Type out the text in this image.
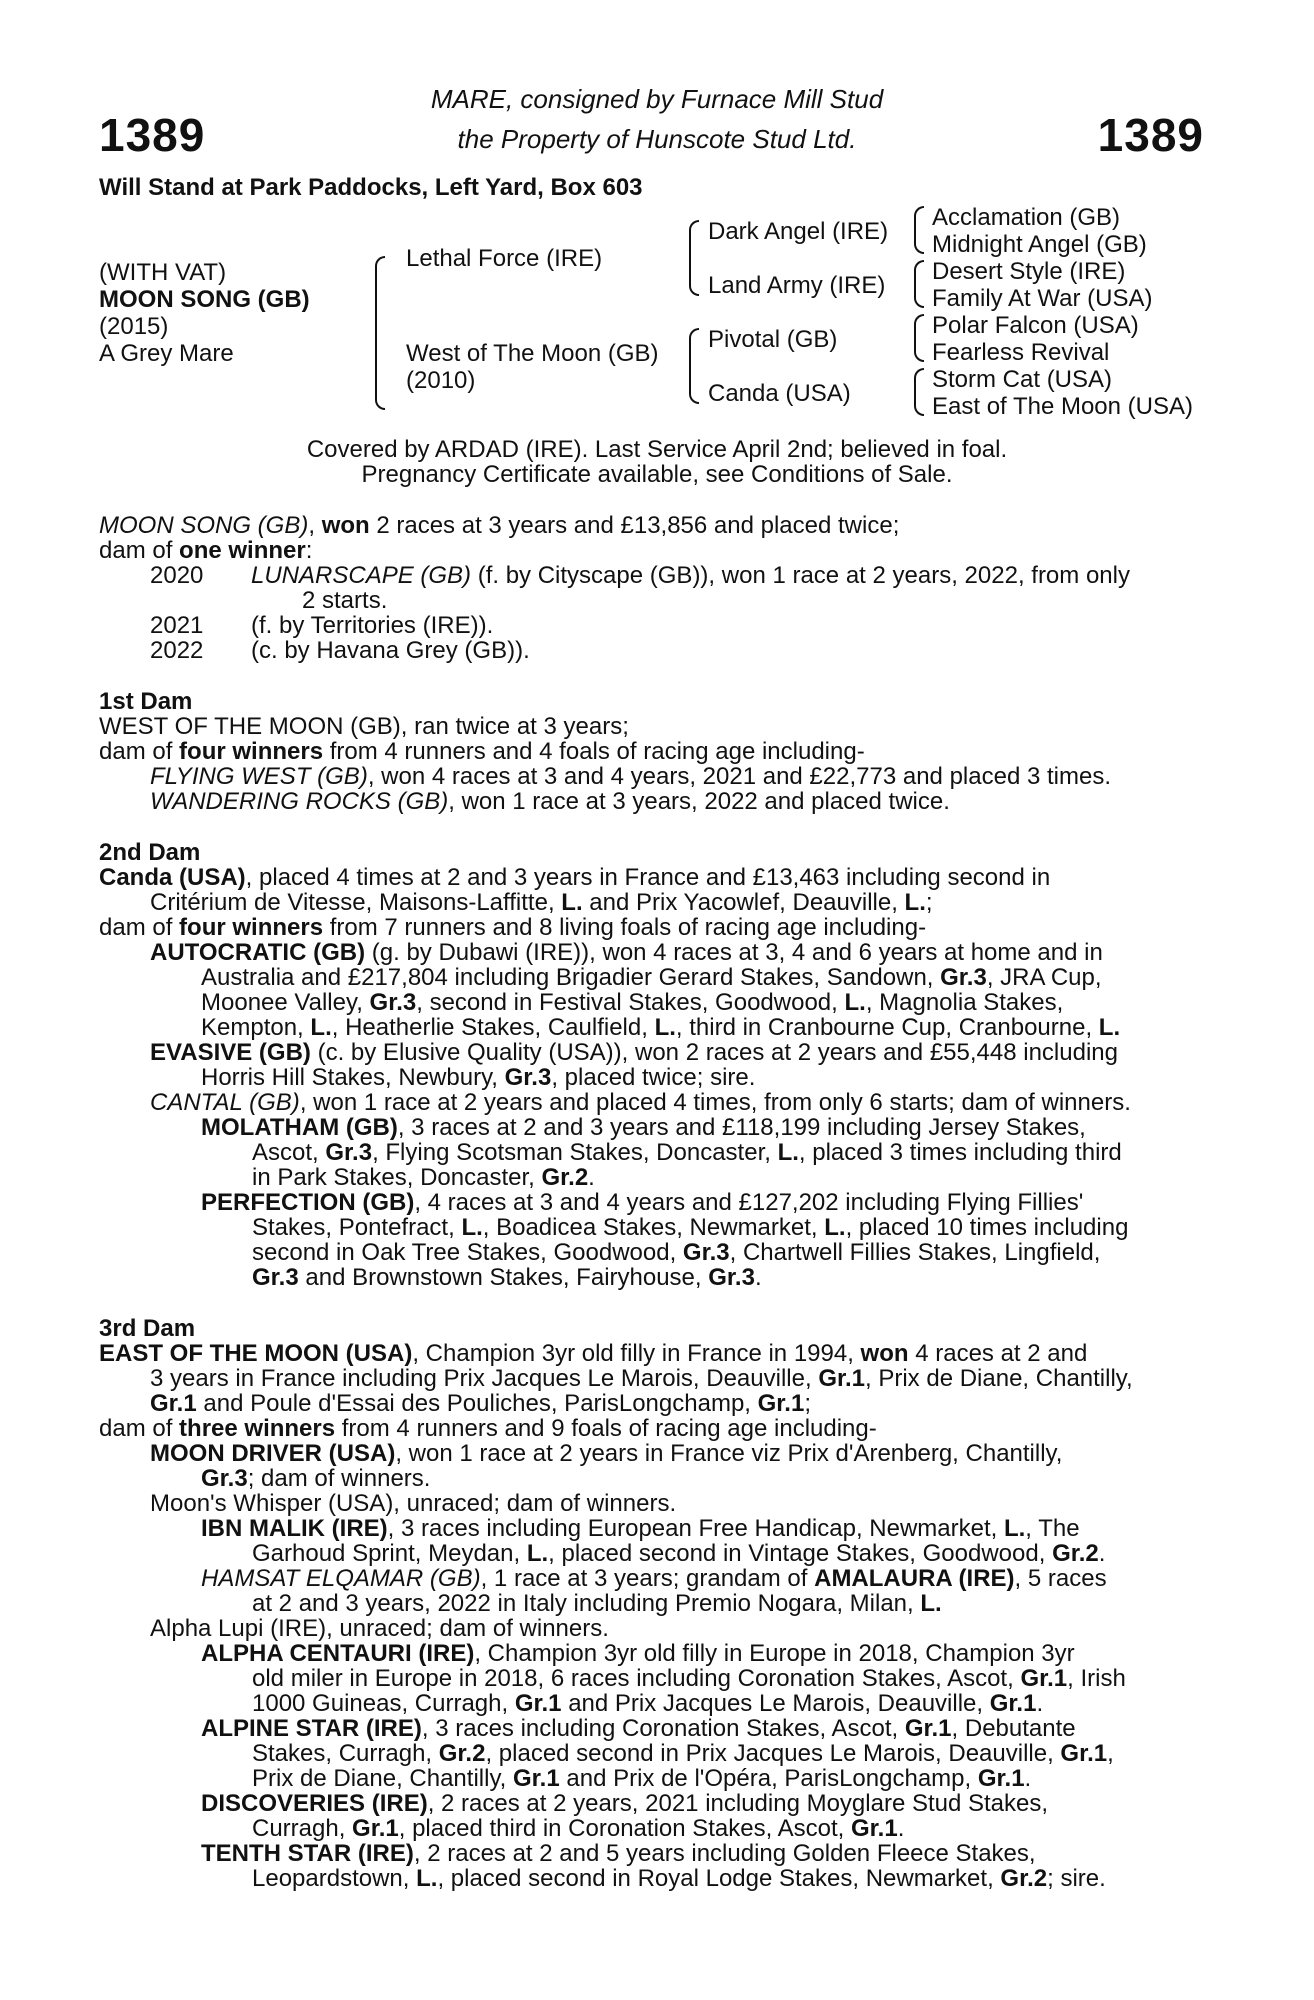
1389	1389
MARE, consigned by Furnace Mill Stud
the Property of Hunscote Stud Ltd.
Will Stand at Park Paddocks, Left Yard, Box 603
(WITH VAT)
MOON SONG (GB)
(2015)
A Grey Mare
Lethal Force (IRE)
West of The Moon (GB)
(2010)
Dark Angel (IRE)
Land Army (IRE)
Pivotal (GB)
Canda (USA)
Acclamation (GB)
Midnight Angel (GB)
Desert Style (IRE)
Family At War (USA)
Polar Falcon (USA)
Fearless Revival
Storm Cat (USA)
East of The Moon (USA)
Covered by ARDAD (IRE). Last Service April 2nd; believed in foal.
Pregnancy Certificate available, see Conditions of Sale.
MOON SONG (GB), won 2 races at 3 years and £13,856 and placed twice;
dam of one winner:
2020 LUNARSCAPE (GB) (f. by Cityscape (GB)), won 1 race at 2 years, 2022, from only
2 starts.
2021 (f. by Territories (IRE)).
2022 (c. by Havana Grey (GB)).
1st Dam
WEST OF THE MOON (GB), ran twice at 3 years;
dam of four winners from 4 runners and 4 foals of racing age including-
FLYING WEST (GB), won 4 races at 3 and 4 years, 2021 and £22,773 and placed 3 times.
WANDERING ROCKS (GB), won 1 race at 3 years, 2022 and placed twice.
2nd Dam
Canda (USA), placed 4 times at 2 and 3 years in France and £13,463 including second in
Critérium de Vitesse, Maisons-Laffitte, L. and Prix Yacowlef, Deauville, L.;
dam of four winners from 7 runners and 8 living foals of racing age including-
AUTOCRATIC (GB) (g. by Dubawi (IRE)), won 4 races at 3, 4 and 6 years at home and in
Australia and £217,804 including Brigadier Gerard Stakes, Sandown, Gr.3, JRA Cup,
Moonee Valley, Gr.3, second in Festival Stakes, Goodwood, L., Magnolia Stakes,
Kempton, L., Heatherlie Stakes, Caulfield, L., third in Cranbourne Cup, Cranbourne, L.
EVASIVE (GB) (c. by Elusive Quality (USA)), won 2 races at 2 years and £55,448 including
Horris Hill Stakes, Newbury, Gr.3, placed twice; sire.
CANTAL (GB), won 1 race at 2 years and placed 4 times, from only 6 starts; dam of winners.
MOLATHAM (GB), 3 races at 2 and 3 years and £118,199 including Jersey Stakes,
Ascot, Gr.3, Flying Scotsman Stakes, Doncaster, L., placed 3 times including third
in Park Stakes, Doncaster, Gr.2.
PERFECTION (GB), 4 races at 3 and 4 years and £127,202 including Flying Fillies'
Stakes, Pontefract, L., Boadicea Stakes, Newmarket, L., placed 10 times including
second in Oak Tree Stakes, Goodwood, Gr.3, Chartwell Fillies Stakes, Lingfield,
Gr.3 and Brownstown Stakes, Fairyhouse, Gr.3.
3rd Dam
EAST OF THE MOON (USA), Champion 3yr old filly in France in 1994, won 4 races at 2 and
3 years in France including Prix Jacques Le Marois, Deauville, Gr.1, Prix de Diane, Chantilly,
Gr.1 and Poule d'Essai des Pouliches, ParisLongchamp, Gr.1;
dam of three winners from 4 runners and 9 foals of racing age including-
MOON DRIVER (USA), won 1 race at 2 years in France viz Prix d'Arenberg, Chantilly,
Gr.3; dam of winners.
Moon's Whisper (USA), unraced; dam of winners.
IBN MALIK (IRE), 3 races including European Free Handicap, Newmarket, L., The
Garhoud Sprint, Meydan, L., placed second in Vintage Stakes, Goodwood, Gr.2.
HAMSAT ELQAMAR (GB), 1 race at 3 years; grandam of AMALAURA (IRE), 5 races
at 2 and 3 years, 2022 in Italy including Premio Nogara, Milan, L.
Alpha Lupi (IRE), unraced; dam of winners.
ALPHA CENTAURI (IRE), Champion 3yr old filly in Europe in 2018, Champion 3yr
old miler in Europe in 2018, 6 races including Coronation Stakes, Ascot, Gr.1, Irish
1000 Guineas, Curragh, Gr.1 and Prix Jacques Le Marois, Deauville, Gr.1.
ALPINE STAR (IRE), 3 races including Coronation Stakes, Ascot, Gr.1, Debutante
Stakes, Curragh, Gr.2, placed second in Prix Jacques Le Marois, Deauville, Gr.1,
Prix de Diane, Chantilly, Gr.1 and Prix de l'Opéra, ParisLongchamp, Gr.1.
DISCOVERIES (IRE), 2 races at 2 years, 2021 including Moyglare Stud Stakes,
Curragh, Gr.1, placed third in Coronation Stakes, Ascot, Gr.1.
TENTH STAR (IRE), 2 races at 2 and 5 years including Golden Fleece Stakes,
Leopardstown, L., placed second in Royal Lodge Stakes, Newmarket, Gr.2; sire.
